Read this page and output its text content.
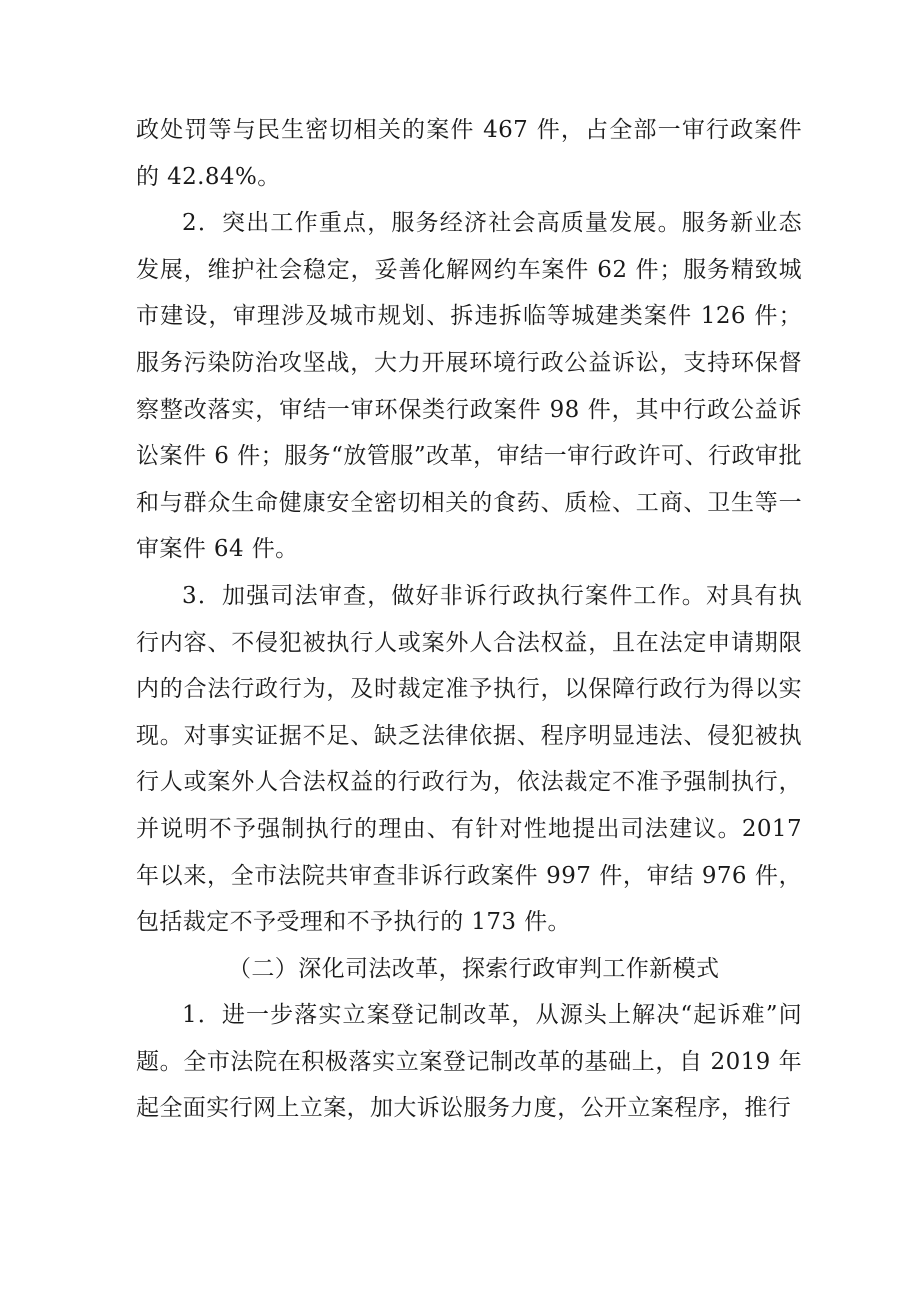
政处罚等与民生密切相关的案件 467 件，占全部一审行政案件的 42.84%。

2．突出工作重点，服务经济社会高质量发展。服务新业态发展，维护社会稳定，妥善化解网约车案件 62 件；服务精致城市建设，审理涉及城市规划、拆违拆临等城建类案件 126 件；服务污染防治攻坚战，大力开展环境行政公益诉讼，支持环保督察整改落实，审结一审环保类行政案件 98 件，其中行政公益诉讼案件 6 件；服务“放管服”改革，审结一审行政许可、行政审批和与群众生命健康安全密切相关的食药、质检、工商、卫生等一审案件 64 件。

3．加强司法审查，做好非诉行政执行案件工作。对具有执行内容、不侵犯被执行人或案外人合法权益，且在法定申请期限内的合法行政行为，及时裁定准予执行，以保障行政行为得以实现。对事实证据不足、缺乏法律依据、程序明显违法、侵犯被执行人或案外人合法权益的行政行为，依法裁定不准予强制执行，并说明不予强制执行的理由、有针对性地提出司法建议。2017 年以来，全市法院共审查非诉行政案件 997 件，审结 976 件，包括裁定不予受理和不予执行的 173 件。

（二）深化司法改革，探索行政审判工作新模式

1．进一步落实立案登记制改革，从源头上解决“起诉难”问题。全市法院在积极落实立案登记制改革的基础上，自 2019 年起全面实行网上立案，加大诉讼服务力度，公开立案程序，推行
